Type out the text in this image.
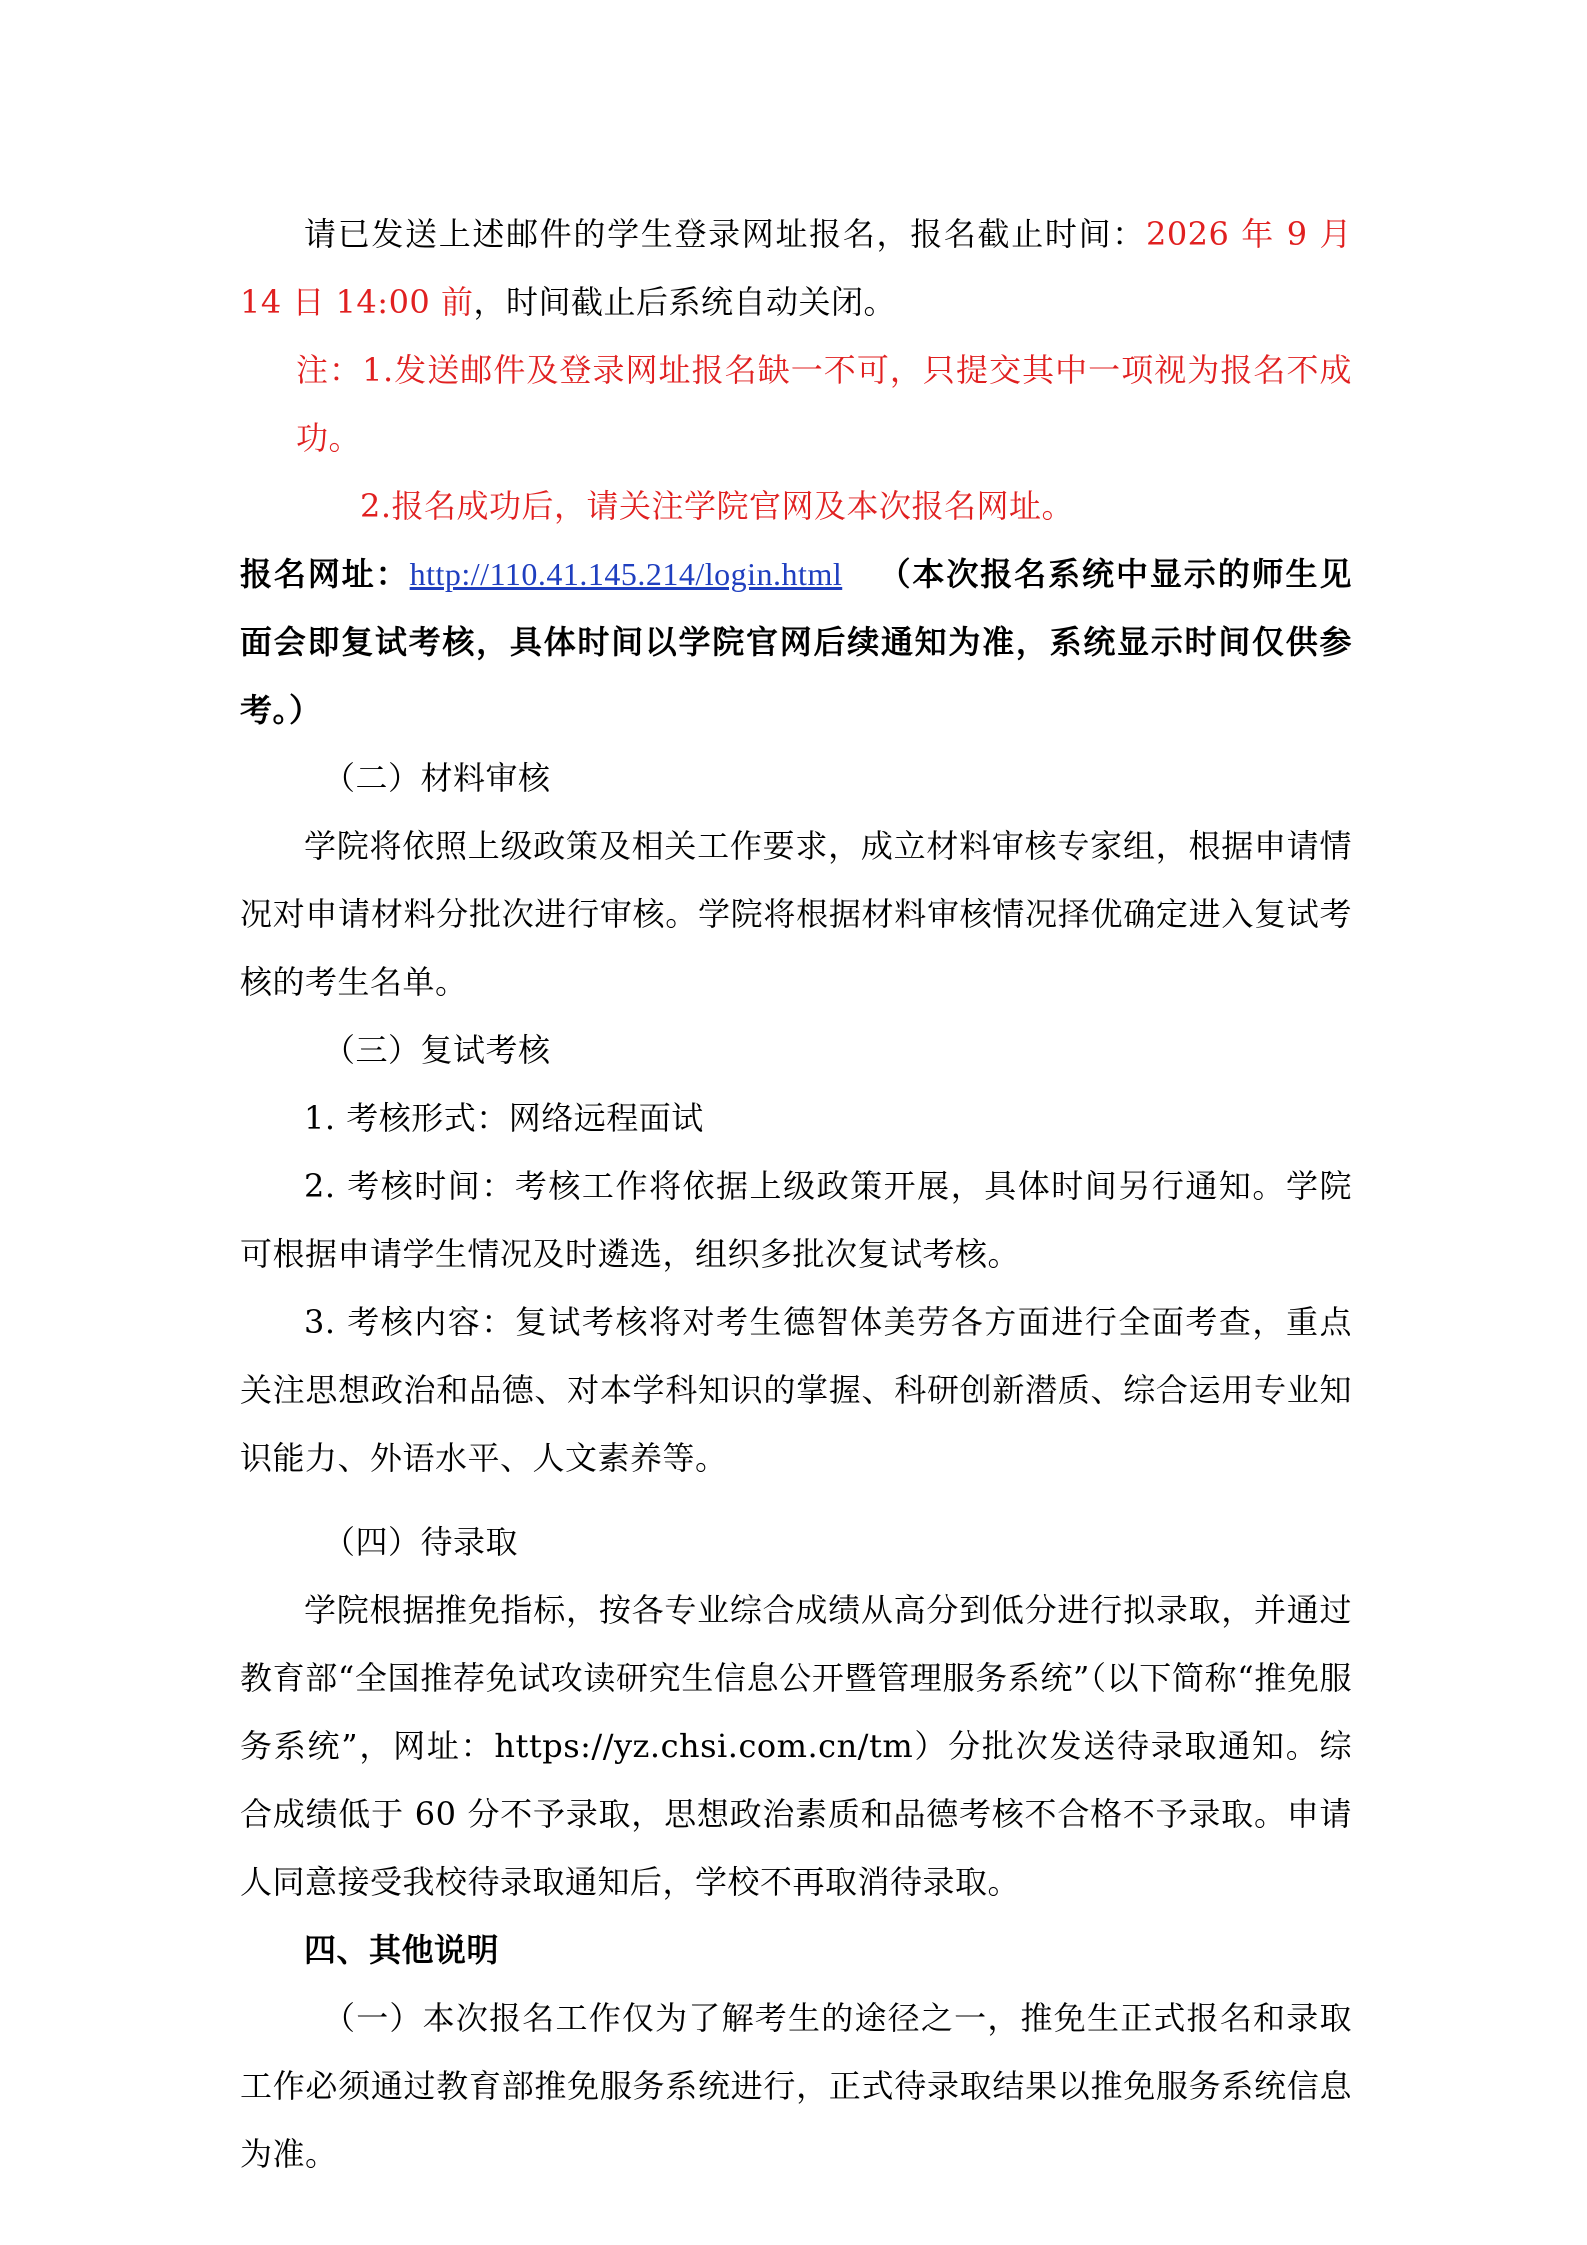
请已发送上述邮件的学生登录网址报名，报名截止时间：2026 年 9 月 14 日 14:00 前，时间截止后系统自动关闭。

注：1.发送邮件及登录网址报名缺一不可，只提交其中一项视为报名不成功。

2.报名成功后，请关注学院官网及本次报名网址。

报名网址：http://110.41.145.214/login.html （本次报名系统中显示的师生见面会即复试考核，具体时间以学院官网后续通知为准，系统显示时间仅供参考。）

（二）材料审核

学院将依照上级政策及相关工作要求，成立材料审核专家组，根据申请情况对申请材料分批次进行审核。学院将根据材料审核情况择优确定进入复试考核的考生名单。

（三）复试考核

1. 考核形式：网络远程面试

2. 考核时间：考核工作将依据上级政策开展，具体时间另行通知。学院可根据申请学生情况及时遴选，组织多批次复试考核。

3. 考核内容：复试考核将对考生德智体美劳各方面进行全面考查，重点关注思想政治和品德、对本学科知识的掌握、科研创新潜质、综合运用专业知识能力、外语水平、人文素养等。

（四）待录取

学院根据推免指标，按各专业综合成绩从高分到低分进行拟录取，并通过教育部“全国推荐免试攻读研究生信息公开暨管理服务系统”（以下简称“推免服务系统”，网址：https://yz.chsi.com.cn/tm）分批次发送待录取通知。综合成绩低于 60 分不予录取，思想政治素质和品德考核不合格不予录取。申请人同意接受我校待录取通知后，学校不再取消待录取。

四、其他说明

（一）本次报名工作仅为了解考生的途径之一，推免生正式报名和录取工作必须通过教育部推免服务系统进行，正式待录取结果以推免服务系统信息为准。
